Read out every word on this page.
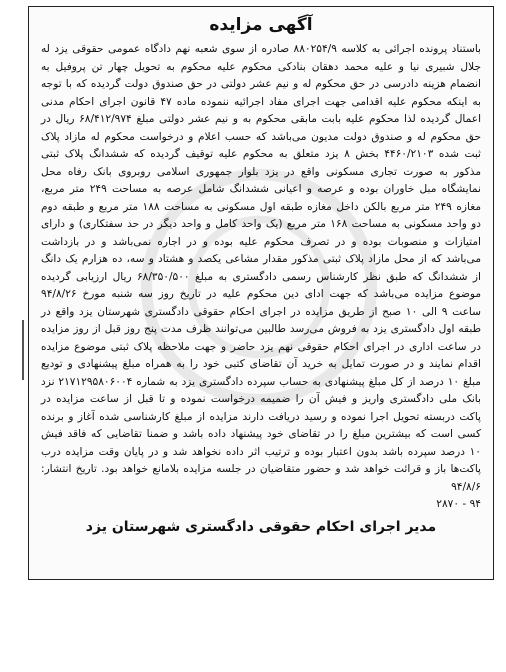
آگهی مزایده

باستناد پرونده اجرائی به کلاسه ۸۸۰۲۵۴/۹ صادره از سوی شعبه نهم دادگاه عمومی حقوقی یزد له جلال شبیری نیا و علیه محمد دهقان بنادکی محکوم علیه محکوم به تحویل چهار تن پروفیل به انضمام هزینه دادرسی در حق محکوم له و نیم عشر دولتی در حق صندوق دولت گردیده که با توجه به اینکه محکوم علیه اقدامی جهت اجرای مفاد اجرائیه ننموده ماده ۴۷ قانون اجرای احکام مدنی اعمال گردیده لذا محکوم علیه بابت مابقی محکوم به و نیم عشر دولتی مبلغ ۶۸/۴۱۲/۹۷۴ ریال در حق محکوم له و صندوق دولت مدیون می‌باشد که حسب اعلام و درخواست محکوم له مازاد پلاک ثبت شده ۴۴۶۰/۲۱۰۳ بخش ۸ یزد متعلق به محکوم علیه توقیف گردیده که ششدانگ پلاک ثبتی مذکور به صورت تجاری مسکونی واقع در یزد بلوار جمهوری اسلامی روبروی بانک رفاه محل نمایشگاه مبل خاوران بوده و عرصه و اعیانی ششدانگ شامل عرصه به مساحت ۲۴۹ متر مربع، مغازه ۲۴۹ متر مربع بالکن داخل مغازه طبقه اول مسکونی به مساحت ۱۸۸ متر مربع و طبقه دوم دو واحد مسکونی به مساحت ۱۶۸ متر مربع (یک واحد کامل و واحد دیگر در حد سفتکاری) و دارای امتیازات و منصوبات بوده و در تصرف محکوم علیه بوده و در اجاره نمی‌باشد و در بازداشت می‌باشد که از محل مازاد پلاک ثبتی مذکور مقدار مشاعی یکصد و هشتاد و سه، ده هزارم یک دانگ از ششدانگ که طبق نظر کارشناس رسمی دادگستری به مبلغ ۶۸/۳۵۰/۵۰۰ ریال ارزیابی گردیده موضوع مزایده می‌باشد که جهت ادای دین محکوم علیه در تاریخ روز سه شنبه مورخ ۹۴/۸/۲۶ ساعت ۹ الی ۱۰ صبح از طریق مزایده در اجرای احکام حقوقی دادگستری شهرستان یزد واقع در طبقه اول دادگستری یزد به فروش می‌رسد طالبین می‌توانند ظرف مدت پنج روز قبل از روز مزایده در ساعت اداری در اجرای احکام حقوقی نهم یزد حاضر و جهت ملاحظه پلاک ثبتی موضوع مزایده اقدام نمایند و در صورت تمایل به خرید آن تقاضای کتبی خود را به همراه مبلغ پیشنهادی و تودیع مبلغ ۱۰ درصد از کل مبلغ پیشنهادی به حساب سپرده دادگستری یزد به شماره ۲۱۷۱۲۹۵۸۰۶۰۰۴ نزد بانک ملی دادگستری واریز و فیش آن را ضمیمه درخواست نموده و تا قبل از ساعت مزایده در پاکت دربسته تحویل اجرا نموده و رسید دریافت دارند مزایده از مبلغ کارشناسی شده آغاز و برنده کسی است که بیشترین مبلغ را در تقاضای خود پیشنهاد داده باشد و ضمنا تقاضایی که فاقد فیش ۱۰ درصد سپرده باشد بدون اعتبار بوده و ترتیب اثر داده نخواهد شد و در پایان وقت مزایده درب پاکت‌ها باز و قرائت خواهد شد و حضور متقاضیان در جلسه مزایده بلامانع خواهد بود. تاریخ انتشار: ۹۴/۸/۶

۹۴ - ۲۸۷۰
مدیر اجرای احکام حقوقی دادگستری شهرستان یزد
